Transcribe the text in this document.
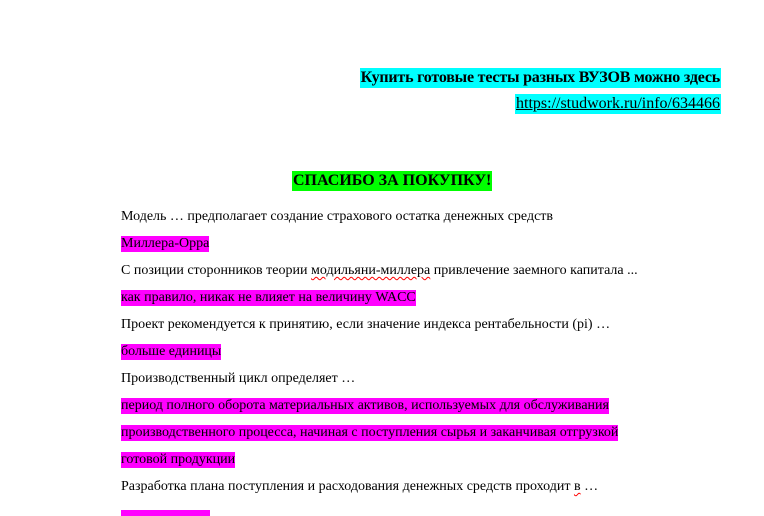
Купить готовые тесты разных ВУЗОВ можно здесь
https://studwork.ru/info/634466
СПАСИБО ЗА ПОКУПКУ!
Модель … предполагает создание страхового остатка денежных средств
Миллера-Орра
С позиции сторонников теории модильяни-миллера привлечение заемного капитала ...
как правило, никак не влияет на величину WACC
Проект рекомендуется к принятию, если значение индекса рентабельности (pi) …
больше единицы
Производственный цикл определяет …
период полного оборота материальных активов, используемых для обслуживания
производственного процесса, начиная с поступления сырья и заканчивая отгрузкой
готовой продукции
Разработка плана поступления и расходования денежных средств проходит в …
